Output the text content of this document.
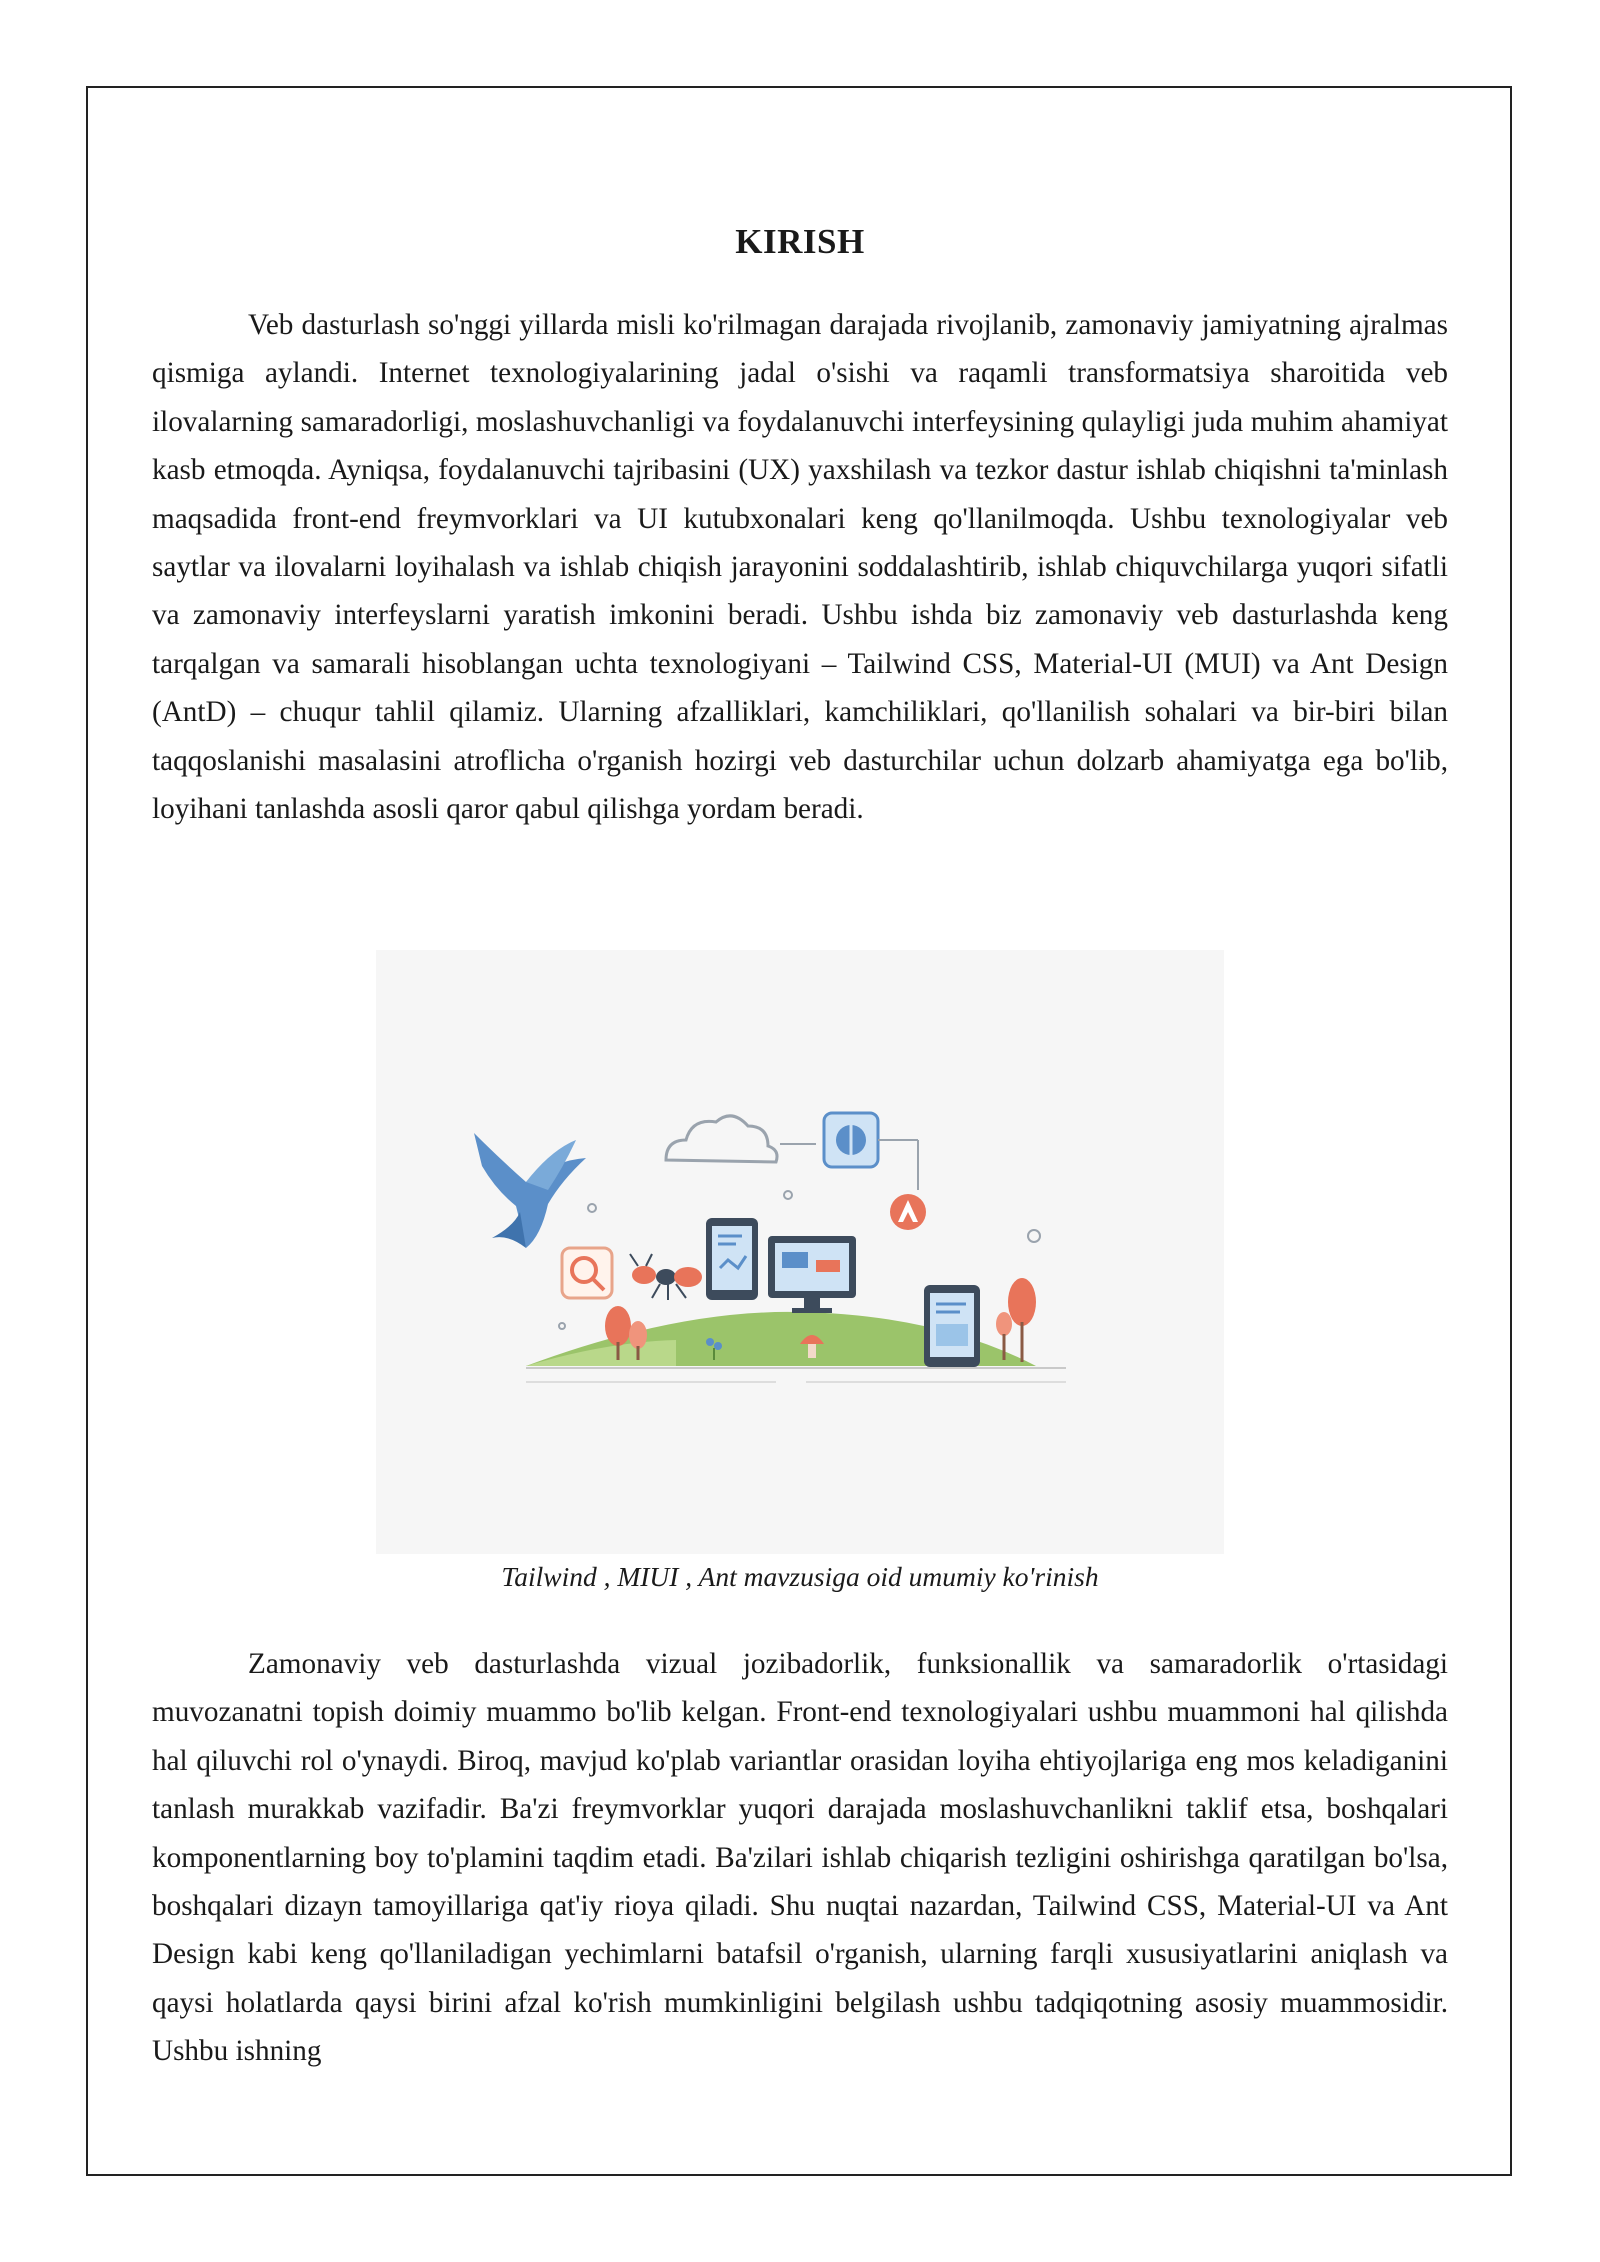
KIRISH

Veb dasturlash so'nggi yillarda misli ko'rilmagan darajada rivojlanib, zamonaviy jamiyatning ajralmas qismiga aylandi. Internet texnologiyalarining jadal o'sishi va raqamli transformatsiya sharoitida veb ilovalarning samaradorligi, moslashuvchanligi va foydalanuvchi interfeysining qulayligi juda muhim ahamiyat kasb etmoqda. Ayniqsa, foydalanuvchi tajribasini (UX) yaxshilash va tezkor dastur ishlab chiqishni ta'minlash maqsadida front-end freymvorklari va UI kutubxonalari keng qo'llanilmoqda. Ushbu texnologiyalar veb saytlar va ilovalarni loyihalash va ishlab chiqish jarayonini soddalashtirib, ishlab chiquvchilarga yuqori sifatli va zamonaviy interfeyslarni yaratish imkonini beradi. Ushbu ishda biz zamonaviy veb dasturlashda keng tarqalgan va samarali hisoblangan uchta texnologiyani – Tailwind CSS, Material-UI (MUI) va Ant Design (AntD) – chuqur tahlil qilamiz. Ularning afzalliklari, kamchiliklari, qo'llanilish sohalari va bir-biri bilan taqqoslanishi masalasini atroflicha o'rganish hozirgi veb dasturchilar uchun dolzarb ahamiyatga ega bo'lib, loyihani tanlashda asosli qaror qabul qilishga yordam beradi.

Tailwind , MIUI , Ant mavzusiga oid umumiy ko'rinish

Zamonaviy veb dasturlashda vizual jozibadorlik, funksionallik va samaradorlik o'rtasidagi muvozanatni topish doimiy muammo bo'lib kelgan. Front-end texnologiyalari ushbu muammoni hal qilishda hal qiluvchi rol o'ynaydi. Biroq, mavjud ko'plab variantlar orasidan loyiha ehtiyojlariga eng mos keladiganini tanlash murakkab vazifadir. Ba'zi freymvorklar yuqori darajada moslashuvchanlikni taklif etsa, boshqalari komponentlarning boy to'plamini taqdim etadi. Ba'zilari ishlab chiqarish tezligini oshirishga qaratilgan bo'lsa, boshqalari dizayn tamoyillariga qat'iy rioya qiladi. Shu nuqtai nazardan, Tailwind CSS, Material-UI va Ant Design kabi keng qo'llaniladigan yechimlarni batafsil o'rganish, ularning farqli xususiyatlarini aniqlash va qaysi holatlarda qaysi birini afzal ko'rish mumkinligini belgilash ushbu tadqiqotning asosiy muammosidir. Ushbu ishning
